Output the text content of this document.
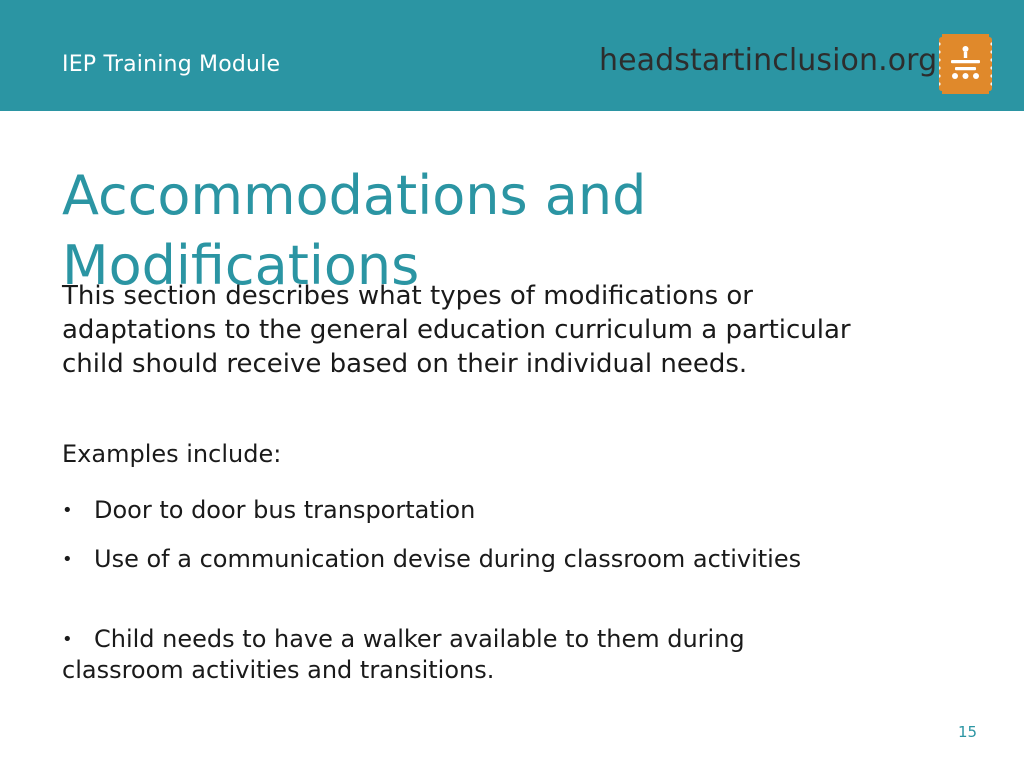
IEP Training Module	headstartinclusion.org
Accommodations and Modifications

This section describes what types of modifications or adaptations to the general education curriculum a particular child should receive based on their individual needs.

Examples include:

• Door to door bus transportation
• Use of a communication devise during classroom activities
• Child needs to have a walker available to them during classroom activities and transitions.
15
